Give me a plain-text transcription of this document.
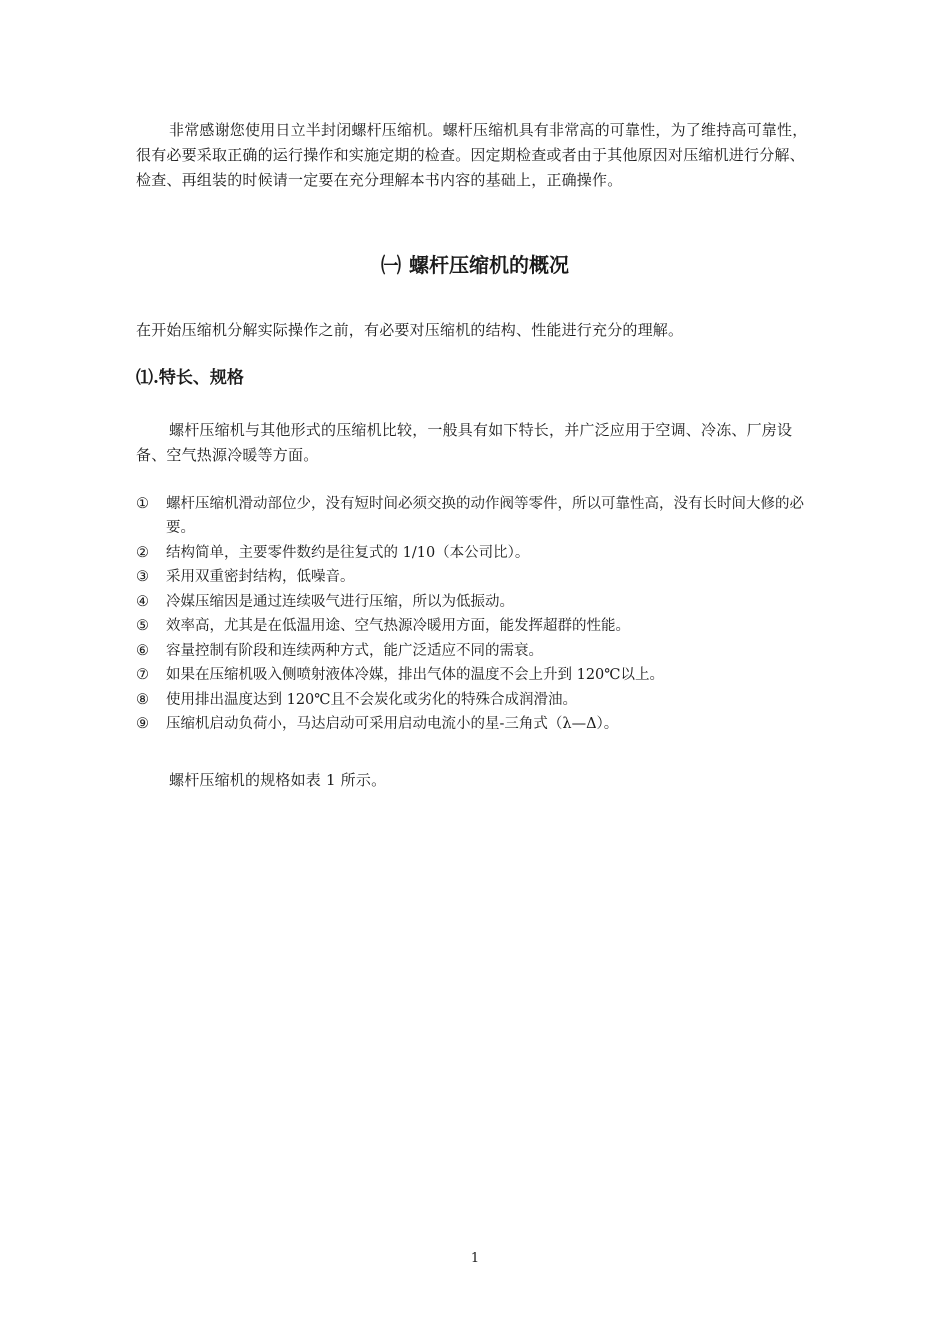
非常感谢您使用日立半封闭螺杆压缩机。螺杆压缩机具有非常高的可靠性，为了维持高可靠性，很有必要采取正确的运行操作和实施定期的检查。因定期检查或者由于其他原因对压缩机进行分解、检查、再组装的时候请一定要在充分理解本书内容的基础上，正确操作。

㈠ 螺杆压缩机的概况

在开始压缩机分解实际操作之前，有必要对压缩机的结构、性能进行充分的理解。

⑴.特长、规格

螺杆压缩机与其他形式的压缩机比较，一般具有如下特长，并广泛应用于空调、冷冻、厂房设备、空气热源冷暖等方面。

①	螺杆压缩机滑动部位少，没有短时间必须交换的动作阀等零件，所以可靠性高，没有长时间大修的必要。
②	结构简单，主要零件数约是往复式的 1/10（本公司比）。
③	采用双重密封结构，低噪音。
④	冷媒压缩因是通过连续吸气进行压缩，所以为低振动。
⑤	效率高，尤其是在低温用途、空气热源冷暖用方面，能发挥超群的性能。
⑥	容量控制有阶段和连续两种方式，能广泛适应不同的需衰。
⑦	如果在压缩机吸入侧喷射液体冷媒，排出气体的温度不会上升到 120℃以上。
⑧	使用排出温度达到 120℃且不会炭化或劣化的特殊合成润滑油。
⑨	压缩机启动负荷小，马达启动可采用启动电流小的星-三角式（λ—Δ）。

螺杆压缩机的规格如表 1 所示。

1
